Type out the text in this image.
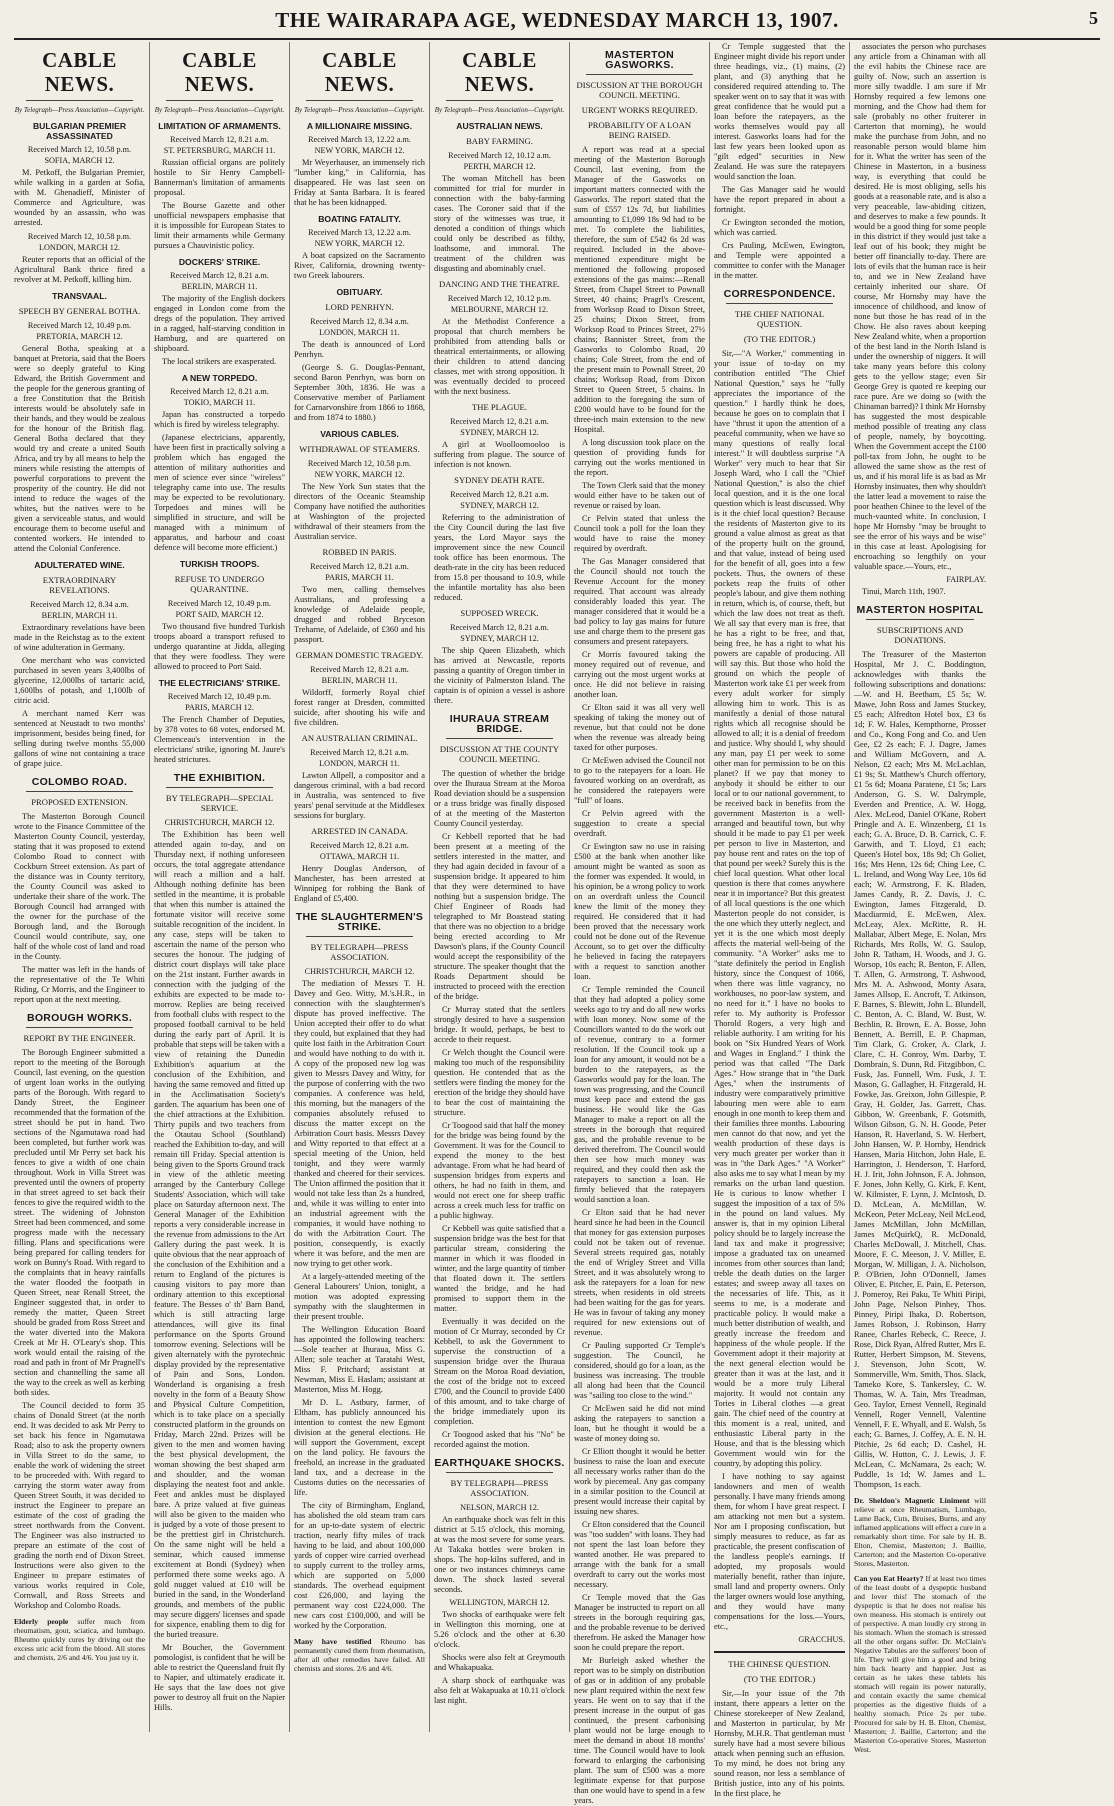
THE WAIRARAPA AGE, WEDNESDAY MARCH 13, 1907.	5
CABLE NEWS.
By Telegraph—Press Association—Copyright.
BULGARIAN PREMIER ASSASSINATED
Received March 12, 10.58 p.m.
SOFIA, MARCH 12.
M. Petkoff, the Bulgarian Premier, while walking in a garden at Sofia, with M. Ghenadieff, Minister of Commerce and Agriculture, was wounded by an assassin, who was arrested.
Received March 12, 10.58 p.m.
LONDON, MARCH 12.
Reuter reports that an official of the Agricultural Bank thrice fired a revolver at M. Petkoff, killing him.
TRANSVAAL.
SPEECH BY GENERAL BOTHA.
Received March 12, 10.49 p.m.
PRETORIA, MARCH 12.
General Botha, speaking at a banquet at Pretoria, said that the Boers were so deeply grateful to King Edward, the British Government and the people for the generous granting of a free Constitution that the British interests would be absolutely safe in their hands, and they would be zealous for the honour of the British flag. General Botha declared that they would try and create a united South Africa, and try by all means to help the miners while resisting the attempts of powerful corporations to prevent the prosperity of the country. He did not intend to reduce the wages of the whites, but the natives were to be given a serviceable status, and would encourage them to become useful and contented workers. He intended to attend the Colonial Conference.
ADULTERATED WINE.
EXTRAORDINARY REVELATIONS.
Received March 12, 8.34 a.m.
BERLIN, MARCH 11.
Extraordinary revelations have been made in the Reichstag as to the extent of wine adulteration in Germany.
One merchant who was convicted purchased in seven years 3,400lbs of glycerine, 12,000lbs of tartaric acid, 1,600lbs of potash, and 1,100lb of citric acid.
A merchant named Kerr was sentenced at Neustadt to two months' imprisonment, besides being fined, for selling during twelve months 55,000 gallons of wine not containing a trace of grape juice.
COLOMBO ROAD.
PROPOSED EXTENSION.
The Masterton Borough Council wrote to the Finance Committee of the Masterton County Council, yesterday, stating that it was proposed to extend Colombo Road to connect with Cockburn Street extension. As part of the distance was in County territory, the County Council was asked to undertake their share of the work. The Borough Council had arranged with the owner for the purchase of the Borough land, and the Borough Council would contribute, say, one half of the whole cost of land and road in the County.
The matter was left in the hands of the representative of the Te Whiti Riding, Cr Morris, and the Engineer to report upon at the next meeting.
BOROUGH WORKS.
REPORT BY THE ENGINEER.
The Borough Engineer submitted a report to the meeting of the Borough Council, last evening, on the question of urgent loan works in the outlying parts of the Borough. With regard to Dandy Street, the Engineer recommended that the formation of the street should be put in hand. Two sections of the Ngamutawa road had been completed, but further work was precluded until Mr Perry set back his fences to give a width of one chain throughout. Work in Villa Street was prevented until the owners of property in that street agreed to set back their fences to give the required width to the street. The widening of Johnston Street had been commenced, and some progress made with the necessary filling. Plans and specifications were being prepared for calling tenders for work on Bunny's Road. With regard to the complaints that in heavy rainfalls the water flooded the footpath in Queen Street, near Renall Street, the Engineer suggested that, in order to remedy the matter, Queen Street should be graded from Ross Street and the water diverted into the Makora Creek at Mr H. O'Leary's shop. This work would entail the raising of the road and path in front of Mr Pragnell's section and channelling the same all the way to the creek as well as kerbing both sides.
The Council decided to form 35 chains of Donald Street (at the north end. It was decided to ask Mr Perry to set back his fence in Ngamutawa Road; also to ask the property owners in Villa Street to do the same, to enable the work of widening the street to be proceeded with. With regard to carrying the storm water away from Queen Street South, it was decided to instruct the Engineer to prepare an estimate of the cost of grading the street northwards from the Convent. The Engineer was also instructed to prepare an estimate of the cost of grading the north end of Dixon Street. Instructions were also given to the Engineer to prepare estimates of various works required in Cole, Cornwall, and Ross Streets and Workshop and Colombo Roads.
Elderly people suffer much from rheumatism, gout, sciatica, and lumbago. Rheumo quickly cures by driving out the excess uric acid from the blood. All stores and chemists, 2/6 and 4/6. You just try it.
CABLE NEWS.
By Telegraph—Press Association—Copyright.
LIMITATION OF ARMAMENTS.
Received March 12, 8.21 a.m.
ST. PETERSBURG, MARCH 11.
Russian official organs are politely hostile to Sir Henry Campbell-Bannerman's limitation of armaments proposal.
The Bourse Gazette and other unofficial newspapers emphasise that it is impossible for European States to limit their armaments while Germany pursues a Chauvinistic policy.
DOCKERS' STRIKE.
Received March 12, 8.21 a.m.
BERLIN, MARCH 11.
The majority of the English dockers engaged in London come from the dregs of the population. They arrived in a ragged, half-starving condition in Hamburg, and are quartered on shipboard.
The local strikers are exasperated.
A NEW TORPEDO.
Received March 12, 8.21 a.m.
TOKIO, MARCH 11.
Japan has constructed a torpedo which is fired by wireless telegraphy.
(Japanese electricians, apparently, have been first in practically solving a problem which has engaged the attention of military authorities and men of science ever since "wireless" telegraphy came into use. The results may be expected to be revolutionary. Torpedoes and mines will be simplified in structure, and will be managed with a minimum of apparatus, and harbour and coast defence will become more efficient.)
TURKISH TROOPS.
REFUSE TO UNDERGO QUARANTINE.
Received March 12, 10.49 p.m.
PORT SAID, MARCH 12.
Two thousand five hundred Turkish troops aboard a transport refused to undergo quarantine at Jidda, alleging that they were foodless. They were allowed to proceed to Port Said.
THE ELECTRICIANS' STRIKE.
Received March 12, 10.49 p.m.
PARIS, MARCH 12.
The French Chamber of Deputies, by 378 votes to 68 votes, endorsed M. Clemenceau's intervention in the electricians' strike, ignoring M. Jaure's heated strictures.
THE EXHIBITION.
BY TELEGRAPH—SPECIAL SERVICE.
CHRISTCHURCH, MARCH 12.
The Exhibition has been well attended again to-day, and on Thursday next, if nothing unforeseen occurs, the total aggregate attendance will reach a million and a half. Although nothing definite has been settled in the meantime, it is probable that when this number is attained the fortunate visitor will receive some suitable recognition of the incident. In any case, steps will be taken to ascertain the name of the person who secures the honour. The judging of district court displays will take place on the 21st instant. Further awards in connection with the judging of the exhibits are expected to be made to-morrow. Replies are being received from football clubs with respect to the proposed football carnival to be held during the early part of April. It is probable that steps will be taken with a view of retaining the Dunedin Exhibition's aquarium at the conclusion of the Exhibition, and having the same removed and fitted up in the Acclimatisation Society's garden. The aquarium has been one of the chief attractions at the Exhibition. Thirty pupils and two teachers from the Otautau School (Southland) reached the Exhibition to-day, and will remain till Friday. Special attention is being given to the Sports Ground track in view of the athletic meeting arranged by the Canterbury College Students' Association, which will take place on Saturday afternoon next. The General Manager of the Exhibition reports a very considerable increase in the revenue from admissions to the Art Gallery during the past week. It is quite obvious that the near approach of the conclusion of the Exhibition and a return to England of the pictures is causing visitors to pay more than ordinary attention to this exceptional feature. The Besses o' th' Barn Band, which is still attracting large attendances, will give its final performance on the Sports Ground tomorrow evening. Selections will be given alternately with the pyrotechnic display provided by the representative of Pain and Sons, London. Wonderland is organising a fresh novelty in the form of a Beauty Show and Physical Culture Competition, which is to take place on a specially constructed platform in the grounds on Friday, March 22nd. Prizes will be given to the men and women having the best physical development, the woman showing the best shaped arm and shoulder, and the woman displaying the neatest foot and ankle. Feet and ankles must be displayed bare. A prize valued at five guineas will also be given to the maiden who is judged by a vote of those present to be the prettiest girl in Christchurch. On the same night will be held a seminar, which caused immense excitement at Bondi (Sydney) when performed there some weeks ago. A gold nugget valued at £10 will be buried in the sand, in the Wonderland grounds, and members of the public may secure diggers' licenses and spade for sixpence, enabling them to dig for the buried treasure.
Mr Boucher, the Government pomologist, is confident that he will be able to restrict the Queensland fruit fly to Napier, and ultimately eradicate it. He says that the law does not give power to destroy all fruit on the Napier Hills.
CABLE NEWS.
By Telegraph—Press Association—Copyright.
A MILLIONAIRE MISSING.
Received March 13, 12.22 a.m.
NEW YORK, MARCH 12.
Mr Weyerhauser, an immensely rich "lumber king," in California, has disappeared. He was last seen on Friday at Santa Barbara. It is feared that he has been kidnapped.
BOATING FATALITY.
Received March 13, 12.22 a.m.
NEW YORK, MARCH 12.
A boat capsized on the Sacramento River, California, drowning twenty-two Greek labourers.
OBITUARY.
LORD PENRHYN.
Received March 12, 8.34 a.m.
LONDON, MARCH 11.
The death is announced of Lord Penrhyn.
(George S. G. Douglas-Pennant, second Baron Penrhyn, was born on September 30th, 1836. He was a Conservative member of Parliament for Carnarvonshire from 1866 to 1868, and from 1874 to 1880.)
VARIOUS CABLES.
WITHDRAWAL OF STEAMERS.
Received March 12, 10.58 p.m.
NEW YORK, MARCH 12.
The New York Sun states that the directors of the Oceanic Steamship Company have notified the authorities at Washington of the projected withdrawal of their steamers from the Australian service.
ROBBED IN PARIS.
Received March 12, 8.21 a.m.
PARIS, MARCH 11.
Two men, calling themselves Australians, and professing a knowledge of Adelaide people, drugged and robbed Bryceson Treharne, of Adelaide, of £360 and his passport.
GERMAN DOMESTIC TRAGEDY.
Received March 12, 8.21 a.m.
BERLIN, MARCH 11.
Wildorff, formerly Royal chief forest ranger at Dresden, committed suicide, after shooting his wife and five children.
AN AUSTRALIAN CRIMINAL.
Received March 12, 8.21 a.m.
LONDON, MARCH 11.
Lawton Allpell, a compositor and a dangerous criminal, with a bad record in Australia, was sentenced to five years' penal servitude at the Middlesex sessions for burglary.
ARRESTED IN CANADA.
Received March 12, 8.21 a.m.
OTTAWA, MARCH 11.
Henry Douglas Anderson, of Manchester, has been arrested at Winnipeg for robbing the Bank of England of £5,400.
THE SLAUGHTERMEN'S STRIKE.
BY TELEGRAPH—PRESS ASSOCIATION.
CHRISTCHURCH, MARCH 12.
The mediation of Messrs T. H. Davey and Geo. Witty, M.'s.H.R., in connection with the slaughtermen's dispute has proved ineffective. The Union accepted their offer to do what they could, but explained that they had quite lost faith in the Arbitration Court and would have nothing to do with it. A copy of the proposed new log was given to Messrs Davey and Witty, for the purpose of conferring with the two companies. A conference was held, this morning, but the managers of the companies absolutely refused to discuss the matter except on the Arbitration Court basis. Messrs Davey and Witty reported to that effect at a special meeting of the Union, held tonight, and they were warmly thanked and cheered for their services. The Union affirmed the position that it would not take less than 2s a hundred, and, while it was willing to enter into an industrial agreement with the companies, it would have nothing to do with the Arbitration Court. The position, consequently, is exactly where it was before, and the men are now trying to get other work.
At a largely-attended meeting of the General Labourers' Union, tonight, a motion was adopted expressing sympathy with the slaughtermen in their present trouble.
The Wellington Education Board has appointed the following teachers:—Sole teacher at Ihuraua, Miss G. Allen; sole teacher at Taratahi West, Miss F. Pritchard; assistant at Newman, Miss E. Haslam; assistant at Masterton, Miss M. Hogg.
Mr D. L. Astbury, farmer, of Eltham, has publicly announced his intention to contest the new Egmont division at the general elections. He will support the Government, except on the land policy. He favours the freehold, an increase in the graduated land tax, and a decrease in the Customs duties on the necessaries of life.
The city of Birmingham, England, has abolished the old steam tram cars for an up-to-date system of electric traction, nearly fifty miles of track having to be laid, and about 100,000 yards of copper wire carried overhead to supply current to the trolley arms, which are supported on 5,000 standards. The overhead equipment cost £26,000, and laying the permanent way cost £224,000. The new cars cost £100,000, and will be worked by the Corporation.
Many have testified Rheumo has permanently cured them from rheumatism, after all other remedies have failed. All chemists and stores. 2/6 and 4/6.
CABLE NEWS.
By Telegraph—Press Association—Copyright.
AUSTRALIAN NEWS.
BABY FARMING.
Received March 12, 10.12 a.m.
PERTH, MARCH 12.
The woman Mitchell has been committed for trial for murder in connection with the baby-farming cases. The Coroner said that if the story of the witnesses was true, it denoted a condition of things which could only be described as filthy, loathsome, and immoral. The treatment of the children was disgusting and abominably cruel.
DANCING AND THE THEATRE.
Received March 12, 10.12 p.m.
MELBOURNE, MARCH 12.
At the Methodist Conference a proposal that church members be prohibited from attending balls or theatrical entertainments, or allowing their children to attend dancing classes, met with strong opposition. It was eventually decided to proceed with the next business.
THE PLAGUE.
Received March 12, 8.21 a.m.
SYDNEY, MARCH 12.
A girl at Woolloomooloo is suffering from plague. The source of infection is not known.
SYDNEY DEATH RATE.
Received March 12, 8.21 a.m.
SYDNEY, MARCH 12.
Referring to the administration of the City Council during the last five years, the Lord Mayor says the improvement since the new Council took office has been enormous. The death-rate in the city has been reduced from 15.8 per thousand to 10.9, while the infantile mortality has also been reduced.
SUPPOSED WRECK.
Received March 12, 8.21 a.m.
SYDNEY, MARCH 12.
The ship Queen Elizabeth, which has arrived at Newcastle, reports passing a quantity of Oregon timber in the vicinity of Palmerston Island. The captain is of opinion a vessel is ashore there.
IHURAUA STREAM BRIDGE.
DISCUSSION AT THE COUNTY COUNCIL MEETING.
The question of whether the bridge over the Ihuraua Stream at the Moroa Road deviation should be a suspension or a truss bridge was finally disposed of at the meeting of the Masterton County Council yesterday.
Cr Kebbell reported that he had been present at a meeting of the settlers interested in the matter, and they had again decided in favour of a suspension bridge. It appeared to him that they were determined to have nothing but a suspension bridge. The Chief Engineer of Roads had telegraphed to Mr Boastead stating that there was no objection to a bridge being erected according to Mr Dawson's plans, if the County Council would accept the responsibility of the structure. The speaker thought that the Roads Department should be instructed to proceed with the erection of the bridge.
Cr Murray stated that the settlers strongly desired to have a suspension bridge. It would, perhaps, be best to accede to their request.
Cr Welch thought the Council were making too much of the responsibility question. He contended that as the settlers were finding the money for the erection of the bridge they should have to bear the cost of maintaining the structure.
Cr Toogood said that half the money for the bridge was being found by the Government. It was for the Council to expend the money to the best advantage. From what he had heard of suspension bridges from experts and others, he had no faith in them, and would not erect one for sheep traffic across a creek much less for traffic on a public highway.
Cr Kebbell was quite satisfied that a suspension bridge was the best for that particular stream, considering the manner in which it was flooded in winter, and the large quantity of timber that floated down it. The settlers wanted the bridge, and he had promised to support them in the matter.
Eventually it was decided on the motion of Cr Murray, seconded by Cr Kebbell, to ask the Government to supervise the construction of a suspension bridge over the Ihuraua Stream on the Moroa Road deviation, the cost of the bridge not to exceed £700, and the Council to provide £400 of this amount, and to take charge of the bridge immediately upon its completion.
Cr Toogood asked that his "No" be recorded against the motion.
EARTHQUAKE SHOCKS.
BY TELEGRAPH—PRESS ASSOCIATION.
NELSON, MARCH 12.
An earthquake shock was felt in this district at 5.15 o'clock, this morning, at was the most severe for some years. At Takaka bottles were broken in shops. The hop-kilns suffered, and in one or two instances chimneys came down. The shock lasted several seconds.
WELLINGTON, MARCH 12.
Two shocks of earthquake were felt in Wellington this morning, one at 5.26 o'clock and the other at 6.30 o'clock.
Shocks were also felt at Greymouth and Whakapuaka.
A sharp shock of earthquake was also felt at Wakapuaka at 10.11 o'clock last night.
MASTERTON GASWORKS.
DISCUSSION AT THE BOROUGH COUNCIL MEETING.
URGENT WORKS REQUIRED.
PROBABILITY OF A LOAN BEING RAISED.
A report was read at a special meeting of the Masterton Borough Council, last evening, from the Manager of the Gasworks on important matters connected with the Gasworks. The report stated that the sum of £557 12s 7d, but liabilities amounting to £1,099 18s 9d had to be met. To complete the liabilities, therefore, the sum of £542 6s 2d was required. Included in the above-mentioned expenditure might be mentioned the following proposed extensions of the gas mains:—Renall Street, from Chapel Street to Pownall Street, 40 chains; Pragrl's Crescent, from Worksop Road to Dixon Street, 25 chains; Dixon Street, from Worksop Road to Princes Street, 27½ chains; Bannister Street, from the Gasworks to Colombo Road, 20 chains; Cole Street, from the end of the present main to Pownall Street, 20 chains; Worksop Road, from Dixon Street to Queen Street, 5 chains. In addition to the foregoing the sum of £200 would have to be found for the three-inch main extension to the new Hospital.
A long discussion took place on the question of providing funds for carrying out the works mentioned in the report.
The Town Clerk said that the money would either have to be taken out of revenue or raised by loan.
Cr Pelvin stated that unless the Council took a poll for the loan they would have to raise the money required by overdraft.
The Gas Manager considered that the Council should not touch the Revenue Account for the money required. That account was already considerably loaded this year. The manager considered that it would be a bad policy to lay gas mains for future use and charge them to the present gas consumers and present ratepayers.
Cr Morris favoured taking the money required out of revenue, and carrying out the most urgent works at once. He did not believe in raising another loan.
Cr Elton said it was all very well speaking of taking the money out of revenue, but that could not be done when the revenue was already being taxed for other purposes.
Cr McEwen advised the Council not to go to the ratepayers for a loan. He favoured working on an overdraft, as he considered the ratepayers were "full" of loans.
Cr Pelvin agreed with the suggestion to create a special overdraft.
Cr Ewington saw no use in raising £500 at the bank when another like amount might be wanted as soon as the former was expended. It would, in his opinion, be a wrong policy to work on an overdraft unless the Council knew the limit of the money they required. He considered that it had been proved that the necessary work could not be done out of the Revenue Account, so to get over the difficulty he believed in facing the ratepayers with a request to sanction another loan.
Cr Temple reminded the Council that they had adopted a policy some weeks ago to try and do all new works with loan money. Now some of the Councillors wanted to do the work out of revenue, contrary to a former resolution. If the Council took up a loan for any amount, it would not be a burden to the ratepayers, as the Gasworks would pay for the loan. The town was progressing, and the Council must keep pace and extend the gas business. He would like the Gas Manager to make a report on all the streets in the borough that required gas, and the probable revenue to be derived therefrom. The Council would then see how much money was required, and they could then ask the ratepayers to sanction a loan. He firmly believed that the ratepayers would sanction a loan.
Cr Elton said that he had never heard since he had been in the Council that money for gas extension purposes could not be taken out of revenue. Several streets required gas, notably the end of Wrigley Street and Villa Street, and it was absolutely wrong to ask the ratepayers for a loan for new streets, when residents in old streets had been waiting for the gas for years. He was in favour of taking any money required for new extensions out of revenue.
Cr Pauling supported Cr Temple's suggestion. The Council, he considered, should go for a loan, as the business was increasing. The trouble all along had been that the Council was "sailing too close to the wind."
Cr McEwen said he did not mind asking the ratepayers to sanction a loan, but he thought it would be a waste of money doing so.
Cr Elliott thought it would be better business to raise the loan and execute all necessary works rather than do the work by piecemeal. Any gas company in a similar position to the Council at present would increase their capital by issuing new shares.
Cr Elton considered that the Council was "too sudden" with loans. They had not spent the last loan before they wanted another. He was prepared to arrange with the bank for a small overdraft to carry out the works most necessary.
Cr Temple moved that the Gas Manager be instructed to report on all streets in the borough requiring gas, and the probable revenue to be derived therefrom. He asked the Manager how soon he could prepare the report.
Mr Burleigh asked whether the report was to be simply on distribution of gas or in addition of any probable new plant required within the next few years. He went on to say that if the present increase in the output of gas continued, the present carbonising plant would not be large enough to meet the demand in about 18 months' time. The Council would have to look forward to enlarging the carbonising plant. The sum of £500 was a more legitimate expense for that purpose than one would have to spend in a few years.
Cr Temple suggested that the Engineer might divide his report under three headings, viz., (1) mains, (2) plant, and (3) anything that he considered required attending to. The speaker went on to say that it was with great confidence that he would put a loan before the ratepayers, as the works themselves would pay all interest. Gasworks loans had for the last few years been looked upon as "gilt edged" securities in New Zealand. He was sure the ratepayers would sanction the loan.
The Gas Manager said he would have the report prepared in about a fortnight.
Cr Ewington seconded the motion, which was carried.
Crs Pauling, McEwen, Ewington, and Temple were appointed a committee to confer with the Manager in the matter.
CORRESPONDENCE.
THE CHIEF NATIONAL QUESTION.
(TO THE EDITOR.)
Sir,—"A Worker," commenting in your issue of to-day on my contribution entitled "The Chief National Question," says he "fully appreciates the importance of the question." I hardly think he does, because he goes on to complain that I have "thrust it upon the attention of a peaceful community, when we have so many questions of really local interest." It will doubtless surprise "A Worker" very much to hear that Sir Joseph Ward, who I call the "Chief National Question," is also the chief local question, and it is the one local question which is least discussed. Why is it the chief local question? Because the residents of Masterton give to its ground a value almost as great as that of the property built on the ground, and that value, instead of being used for the benefit of all, goes into a few pockets. Thus, the owners of these pockets reap the fruits of other people's labour, and give them nothing in return, which is, of course, theft, but which the law does not treat as theft. We all say that every man is free, that he has a right to be free, and that, being free, he has a right to what his powers are capable of producing. All will say this. But those who hold the ground on which the people of Masterton work take £1 per week from every adult worker for simply allowing him to work. This is as manifestly a denial of those natural rights which all recognise should be allowed to all; it is a denial of freedom and justice. Why should I, why should any man, pay £1 per week to some other man for permission to be on this planet? If we pay that money to anybody it should be either to our local or to our national government, to be received back in benefits from the government Masterton is a well-arranged and beautiful town, but why should it be made to pay £1 per week per person to live in Masterton, and pay house rent and rates on the top of that pound per week? Surely this is the chief local question. What other local question is there that comes anywhere near it in importance? But this greatest of all local questions is the one which Masterton people do not consider, is the one which they utterly neglect, and yet it is the one which most deeply affects the material well-being of the community. "A Worker" asks me to "state definitely the period in English history, since the Conquest of 1066, when there was little vagrancy, no workhouses, no poor-law system, and no need for it." I have no books to refer to. My authority is Professor Thorold Rogers, a very high and reliable authority. I am writing for his book on "Six Hundred Years of Work and Wages in England." I think the period was that called "The Dark Ages." How strange that in "the Dark Ages," when the instruments of industry were comparatively primitive labouring men were able to earn enough in one month to keep them and their families three months. Labouring men cannot do that now, and yet the wealth production of these days is very much greater per worker than it was in "the Dark Ages." "A Worker" also asks me to say what I mean by my remarks on the urban land question. He is curious to know whether I suggest the imposition of a tax of 5% in the pound on land values. My answer is, that in my opinion Liberal policy should be to largely increase the land tax and make it progressive; impose a graduated tax on unearned incomes from other sources than land; treble the death duties on the larger estates; and sweep away all taxes on the necessaries of life. This, as it seems to me, is a moderate and practicable policy. It would make a much better distribution of wealth, and greatly increase the freedom and happiness of the whole people. If the Government adopt it their majority at the next general election would be greater than it was at the last, and it would be a more truly Liberal majority. It would not contain any Tories in Liberal clothes —a great gain. The chief need of the country at this moment is a real, united, and enthusiastic Liberal party in the House, and that is the blessing which Government would win for the country, by adopting this policy.
I have nothing to say against landowners and men of wealth personally. I have many friends among them, for whom I have great respect. I am attacking not men but a system. Nor am I proposing confiscation, but simply measures to reduce, as far as practicable, the present confiscation of the landless people's earnings. If adopted, my proposals would materially benefit, rather than injure, small land and property owners. Only the larger owners would lose anything, and they would have many compensations for the loss.—Yours, etc.,
GRACCHUS.
THE CHINESE QUESTION.
(TO THE EDITOR.)
Sir,—In your issue of the 7th instant, there appears a letter on the Chinese storekeeper of New Zealand, and Masterton in particular, by Mr Hornsby, M.H.R. That gentleman must surely have had a most severe bilious attack when penning such an effusion. To my mind, he does not bring any sound reason, nor less a semblance of British justice, into any of his points. In the first place, he
associates the person who purchases any article from a Chinaman with all the evil habits the Chinese race are guilty of. Now, such an assertion is more silly twaddle. I am sure if Mr Hornsby required a few lemons one morning, and the Chow had them for sale (probably no other fruiterer in Carterton that morning), he would make the purchase from John, and no reasonable person would blame him for it. What the writer has seen of the Chinese in Masterton, in a business way, is everything that could be desired. He is most obliging, sells his goods at a reasonable rate, and is also a very peaceable, law-abiding citizen, and deserves to make a few pounds. It would be a good thing for some people in this district if they would just take a leaf out of his book; they might be better off financially to-day. There are lots of evils that the human race is heir to, and we in New Zealand have certainly inherited our share. Of course, Mr Hornsby may have the innocence of childhood, and know of none but those he has read of in the Chow. He also raves about keeping New Zealand white, when a proportion of the best land in the North Island is under the ownership of niggers. It will take many years before this colony gets to the yellow stage; even Sir George Grey is quoted re keeping our race pure. Are we doing so (with the Chinaman barred)? I think Mr Hornsby has suggested the most despicable method possible of treating any class of people, namely, by boycotting. When the Government accept the £100 poll-tax from John, he ought to be allowed the same show as the rest of us, and if his moral life is as bad as Mr Hornsby insinuates, then why shouldn't the latter lead a movement to raise the poor heathen Chinee to the level of the much-vaunted white. In conclusion, I hope Mr Hornsby "may be brought to see the error of his ways and be wise" in this case at least. Apologising for encroaching so lengthily on your valuable space.—Yours, etc.,
FAIRPLAY.
Tinui, March 11th, 1907.
MASTERTON HOSPITAL
SUBSCRIPTIONS AND DONATIONS.
The Treasurer of the Masterton Hospital, Mr J. C. Boddington, acknowledges with thanks the following subscriptions and donations:—W. and H. Beetham, £5 5s; W. Mawe, John Ross and James Stuckey, £5 each; Alfredton Hotel box, £3 6s 1d; F. W. Hales, Kempthorne, Prosser and Co., Kong Fong and Co. and Uen Gee, £2 2s each; F. J. Dagre, James and William McGovern, and A. Nelson, £2 each; Mrs M. McLachlan, £1 9s; St. Matthew's Church offertory, £1 5s 6d; Moana Paratene, £1 5s; Lars Anderson, G. S. W. Dalrymple, Everden and Prentice, A. W. Hogg, Alex. McLeod, Daniel O'Kane, Robert Pringle and A. E. Winzenberg, £1 1s each; G. A. Bruce, D. B. Carrick, C. F. Garwith, and T. Lloyd, £1 each; Queen's Hotel box, 18s 9d; Ch Goliet, 16s; Mrs Henn, 12s 6d; Ching Lee, C. L. Ireland, and Wong Way Lee, 10s 6d each; W. Armstrong, F. K. Bladen, James Candy, R. Z. Davis, J. C. Ewington, James Fitzgerald, D. Macdiarmid, E. McEwen, Alex. McLeay, Alex. McRitte, R. H. Mallabar, Albert Mege, E. Nolan, Mrs Richards, Mrs Rolls, W. G. Saulop, John R. Tatham, H. Woods, and J. G. Worsop, 10s each; R. Benton, F. Allen, T. Allen, G. Armstrong, T. Ashwood, Mrs M. A. Ashwood, Monty Asara, James Allsop, E. Ancroft, T. Atkinson, F. Barnes, S. Blewitt, John L. Blundell, C. Benton, A. C. Bland, W. Bust, W. Bechlin, R. Brown, E. A. Bosse, John Bennett, A. Berrill, E. P. Chapman, Tim Clark, G. Croker, A. Clark, J. Clare, C. H. Conroy, Wm. Darby, T. Dombrain, S. Dunn, Rd. Fitzgibbon, C. Fusk, Jas. Funnell, Wm. Fusk, J. T. Mason, G. Gallagher, H. Fitzgerald, H. Fowke, Jas. Greixon, John Gillespie, P. Gray, H. Golder, Jas. Garrett, Chas. Gibbon, W. Greenbank, F. Gotsmith, Wilson Gibson, G. N. H. Goode, Peter Hanson, R. Haverland, S. W. Herbert, John Hansen, W. P. Hornby, Hendrick Hansen, Maria Hitchon, John Hale, E. Harrington, J. Henderson, T. Harford, H. J. Irit, John Johnson, F. A. Johnson, F. Jones, John Kelly, G. Kirk, F. Kent, W. Kilmister, F. Lynn, J. McIntosh, D. D. McLean, A. McMillan, W. McKeon, Peter McLeay, Neil McLeod, James McMillan, John McMillan, James McQuirkQ, R. McDonald, Charles McDowall, J. Mitchell, Chas. Moore, F. C. Meeson, J. V. Miller, E. Morgan, W. Milligan, J. A. Nicholson, P. O'Brien, John O'Donnell, James Oliver, E. Pitcher, E. Pain, E. Peterson, J. Pomeroy, Rei Paku, Te Whiti Piripi, John Page, Nelson Pinhey, Thos. Pinney, Piripi Ihaka, D. Robertson, James Robson, J. Robinson, Harry Ranee, Charles Rebeck, C. Reece, J. Rose, Dick Ryan, Alfred Rutter, Mrs E. Rutter, Herbert Simpson, M. Stevens, J. Stevenson, John Scott, W. Sommerville, Wm. Smith, Thos. Slack, Tameko Kore, S. Tankersley, C. W. Thomas, W. A. Tain, Mrs Treadman, Geo. Taylor, Ernest Vennell, Reginald Vennell, Roger Vennell, Valentine Vennell, F. E. Whyall, and E. Walsh, 5s each; G. Barnes, J. Coffey, A. E. N. H. Pitchie, 2s 6d each; D. Cashel, H. Gillis, W. Hutton, C. J. Lewis, J. F. McLean, C. McNamara, 2s each; W. Puddle, 1s 1d; W. James and L. Thompson, 1s each.
Dr. Sheldon's Magnetic Liniment will relieve at once Rheumatism, Lumbago, Lame Back, Cuts, Bruises, Burns, and any inflamed applications will effect a cure in a remarkably short time. For sale by H. B. Elton, Chemist, Masterton; J. Baillie, Carterton; and the Masterton Co-operative Stores, Masterton.
Can you Eat Hearty? If at least two times of the least doubt of a dyspeptic husband and lover this! The stomach of the dyspeptic is that he does not realise his own meaness. His stomach is entirely out of perspective. A man loudly cry strong in his stomach. When the stomach is stressed all the other organs suffer. Dr. McClain's Negative Tabules are the sufferers' boon of life. They will give him a good and bring him back hearty and happier. Just as certain as he takes these tablets his stomach will regain its power naturally, and contain exactly the same chemical properties as the digestive fluids of a healthy stomach. Price 2s per tube. Procured for sale by H. B. Elton, Chemist, Masterton; J. Baillie, Carterton; and the Masterton Co-operative Stores, Masterton West.
